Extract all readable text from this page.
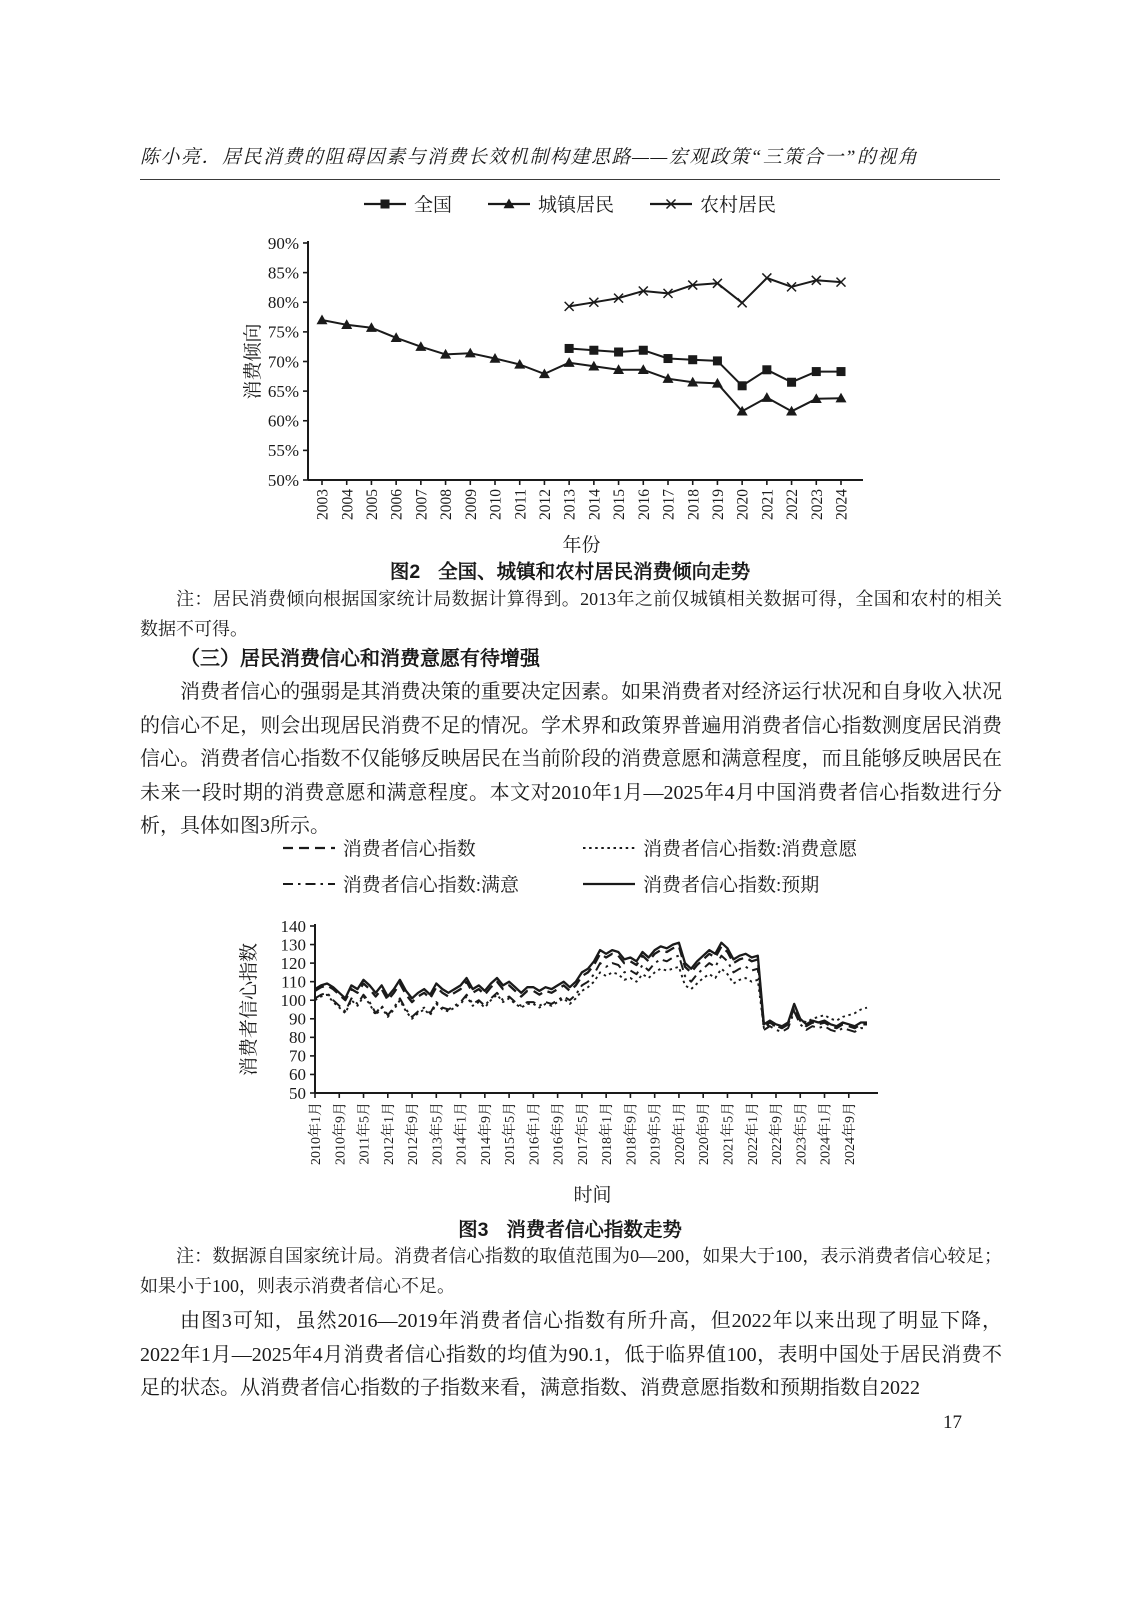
陈小亮．居民消费的阻碍因素与消费长效机制构建思路——宏观政策“三策合一”的视角
全国	城镇居民	农村居民
50%
55%
60%
65%
70%
75%
80%
85%
90%
2003 2004 2005 2006 2007 2008 2009 2010 2011 2012 2013 2014 2015 2016 2017 2018 2019 2020 2021 2022 2023 2024
消费倾向
年份
图2 全国、城镇和农村居民消费倾向走势
注：居民消费倾向根据国家统计局数据计算得到。2013年之前仅城镇相关数据可得，全国和农村的相关数据不可得。
（三）居民消费信心和消费意愿有待增强
消费者信心的强弱是其消费决策的重要决定因素。如果消费者对经济运行状况和自身收入状况的信心不足，则会出现居民消费不足的情况。学术界和政策界普遍用消费者信心指数测度居民消费信心。消费者信心指数不仅能够反映居民在当前阶段的消费意愿和满意程度，而且能够反映居民在未来一段时期的消费意愿和满意程度。本文对2010年1月—2025年4月中国消费者信心指数进行分析，具体如图3所示。
消费者信心指数	消费者信心指数:消费意愿
消费者信心指数:满意	消费者信心指数:预期
50
60
70
80
90
100
110
120
130
140
2010年1月 2010年9月 2011年5月 2012年1月 2012年9月 2013年5月 2014年1月 2014年9月 2015年5月 2016年1月 2016年9月 2017年5月 2018年1月 2018年9月 2019年5月 2020年1月 2020年9月 2021年5月 2022年1月 2022年9月 2023年5月 2024年1月 2024年9月
消费者信心指数
时间
图3 消费者信心指数走势
注：数据源自国家统计局。消费者信心指数的取值范围为0—200，如果大于100，表示消费者信心较足；如果小于100，则表示消费者信心不足。
由图3可知，虽然2016—2019年消费者信心指数有所升高，但2022年以来出现了明显下降，2022年1月—2025年4月消费者信心指数的均值为90.1，低于临界值100，表明中国处于居民消费不足的状态。从消费者信心指数的子指数来看，满意指数、消费意愿指数和预期指数自2022
17
